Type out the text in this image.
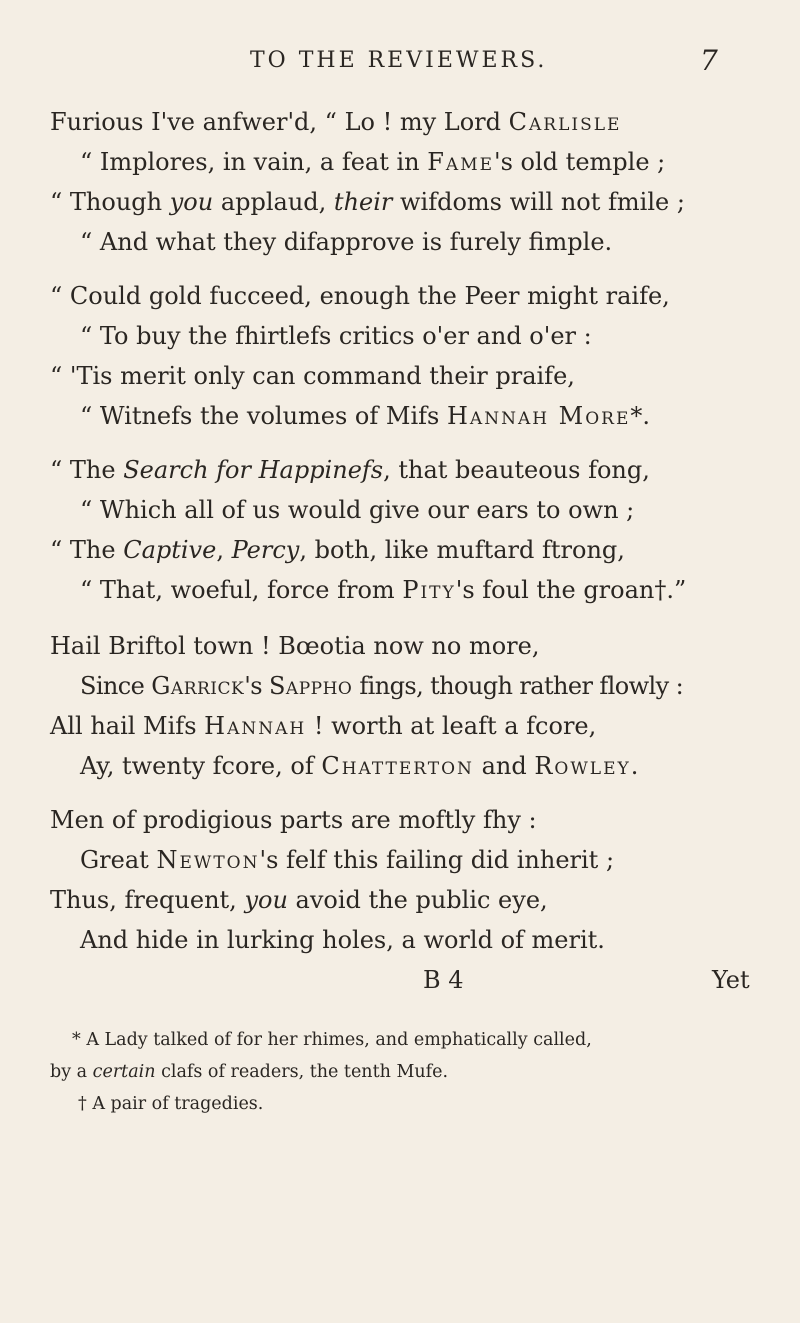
TO THE REVIEWERS.	7
Furious I've anfwer'd, “ Lo ! my Lord Carlisle
“ Implores, in vain, a feat in Fame's old temple ;
“ Though you applaud, their wifdoms will not fmile ;
“ And what they difapprove is furely fimple.
“ Could gold fucceed, enough the Peer might raife,
“ To buy the fhirtlefs critics o'er and o'er :
“ 'Tis merit only can command their praife,
“ Witnefs the volumes of Mifs Hannah More*.
“ The Search for Happinefs, that beauteous fong,
“ Which all of us would give our ears to own ;
“ The Captive, Percy, both, like muftard ftrong,
“ That, woeful, force from Pity's foul the groan†.”
Hail Briftol town ! Bœotia now no more,
Since Garrick's Sappho fings, though rather flowly :
All hail Mifs Hannah ! worth at leaft a fcore,
Ay, twenty fcore, of Chatterton and Rowley.
Men of prodigious parts are moftly fhy :
Great Newton's felf this failing did inherit ;
Thus, frequent, you avoid the public eye,
And hide in lurking holes, a world of merit.
B 4	Yet
* A Lady talked of for her rhimes, and emphatically called,
by a certain clafs of readers, the tenth Mufe.
† A pair of tragedies.
